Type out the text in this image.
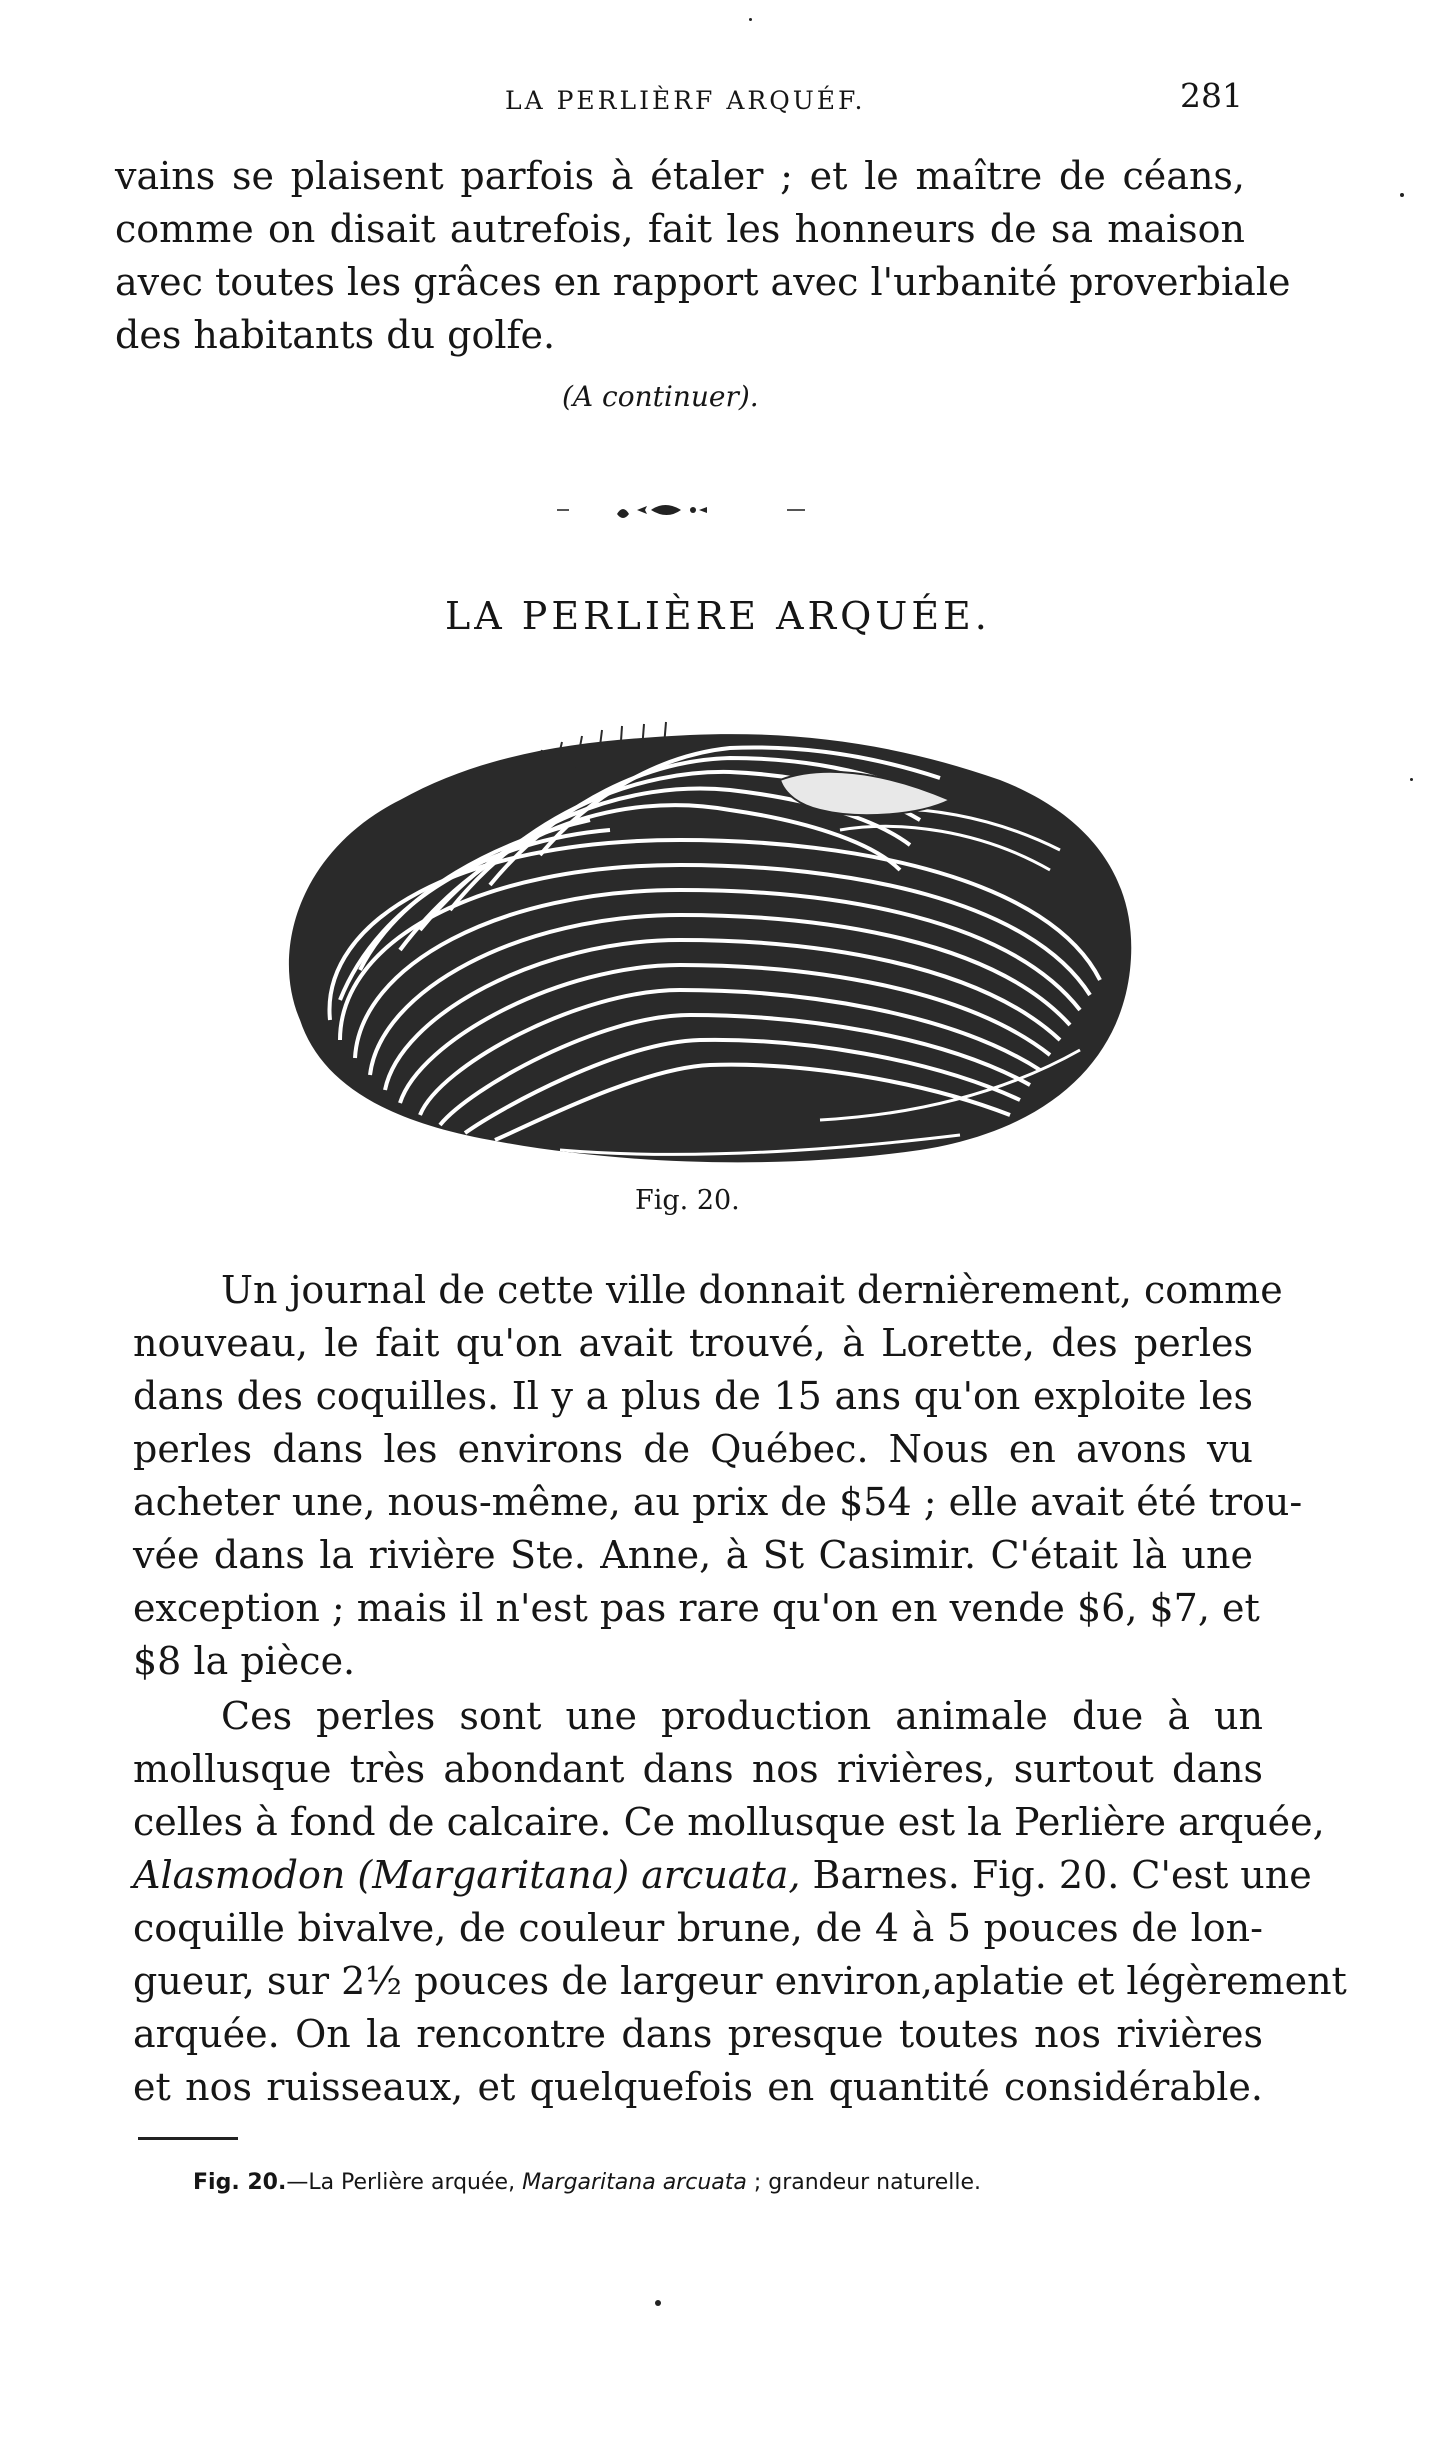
LA PERLIÈRF ARQUÉF.	281
vains se plaisent parfois à étaler ; et le maître de céans,
comme on disait autrefois, fait les honneurs de sa maison
avec toutes les grâces en rapport avec l'urbanité proverbiale
des habitants du golfe.
(A continuer).
LA PERLIÈRE ARQUÉE.
Fig. 20.
Un journal de cette ville donnait dernièrement, comme
nouveau, le fait qu'on avait trouvé, à Lorette, des perles
dans des coquilles. Il y a plus de 15 ans qu'on exploite les
perles dans les environs de Québec. Nous en avons vu
acheter une, nous-même, au prix de $54 ; elle avait été trou-
vée dans la rivière Ste. Anne, à St Casimir. C'était là une
exception ; mais il n'est pas rare qu'on en vende $6, $7, et
$8 la pièce.
Ces perles sont une production animale due à un
mollusque très abondant dans nos rivières, surtout dans
celles à fond de calcaire. Ce mollusque est la Perlière arquée,
Alasmodon (Margaritana) arcuata, Barnes. Fig. 20. C'est une
coquille bivalve, de couleur brune, de 4 à 5 pouces de lon-
gueur, sur 2½ pouces de largeur environ,aplatie et légèrement
arquée. On la rencontre dans presque toutes nos rivières
et nos ruisseaux, et quelquefois en quantité considérable.
Fig. 20.—La Perlière arquée, Margaritana arcuata ; grandeur naturelle.
